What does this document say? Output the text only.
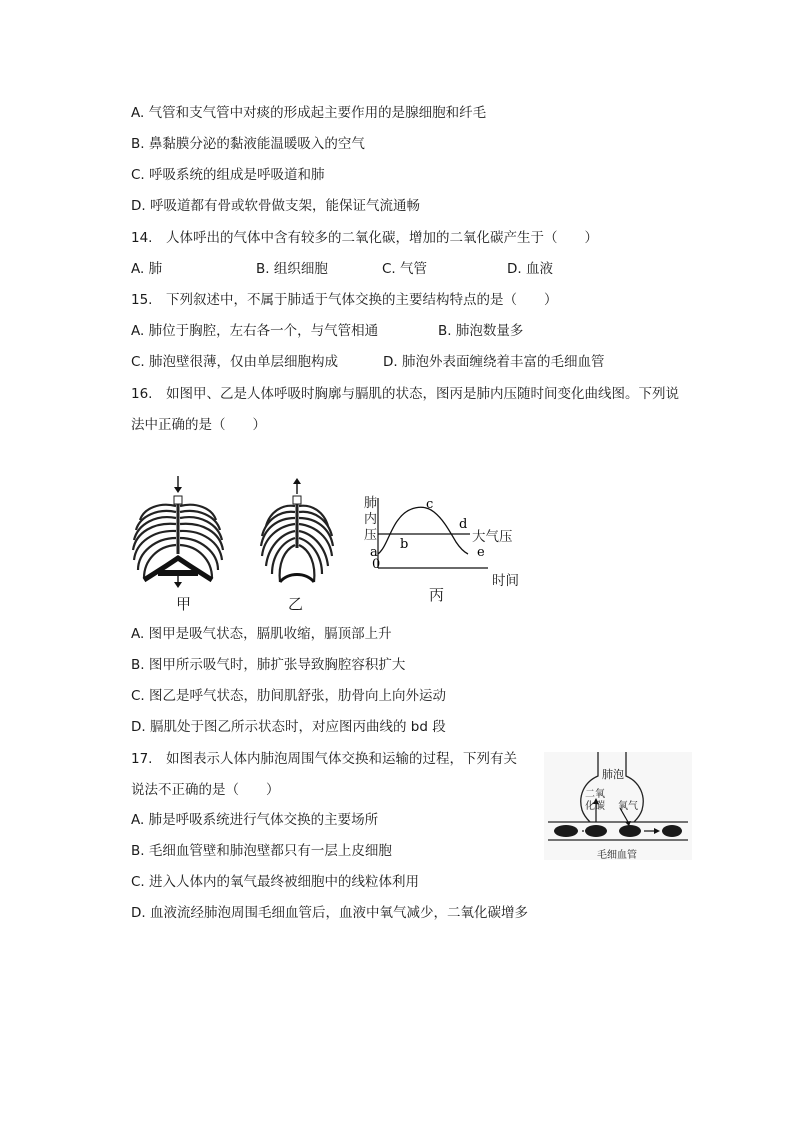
A. 气管和支气管中对痰的形成起主要作用的是腺细胞和纤毛
B. 鼻黏膜分泌的黏液能温暖吸入的空气
C. 呼吸系统的组成是呼吸道和肺
D. 呼吸道都有骨或软骨做支架，能保证气流通畅
14.　人体呼出的气体中含有较多的二氧化碳，增加的二氧化碳产生于（　　）
A. 肺	B. 组织细胞	C. 气管	D. 血液
15.　下列叙述中，不属于肺适于气体交换的主要结构特点的是（　　）
A. 肺位于胸腔，左右各一个，与气管相通	B. 肺泡数量多
C. 肺泡壁很薄，仅由单层细胞构成	D. 肺泡外表面缠绕着丰富的毛细血管
16.　如图甲、乙是人体呼吸时胸廓与膈肌的状态，图丙是肺内压随时间变化曲线图。下列说
法中正确的是（　　）
甲	乙
a
b
c
d
e
0
肺
内
压	大气压
时间
丙
A. 图甲是吸气状态，膈肌收缩，膈顶部上升
B. 图甲所示吸气时，肺扩张导致胸腔容积扩大
C. 图乙是呼气状态，肋间肌舒张，肋骨向上向外运动
D. 膈肌处于图乙所示状态时，对应图丙曲线的 bd 段
17.　如图表示人体内肺泡周围气体交换和运输的过程，下列有关
说法不正确的是（　　）
肺泡
二氧
化碳 氧气
毛细血管
A. 肺是呼吸系统进行气体交换的主要场所
B. 毛细血管壁和肺泡壁都只有一层上皮细胞
C. 进入人体内的氧气最终被细胞中的线粒体利用
D. 血液流经肺泡周围毛细血管后，血液中氧气减少，二氧化碳增多
